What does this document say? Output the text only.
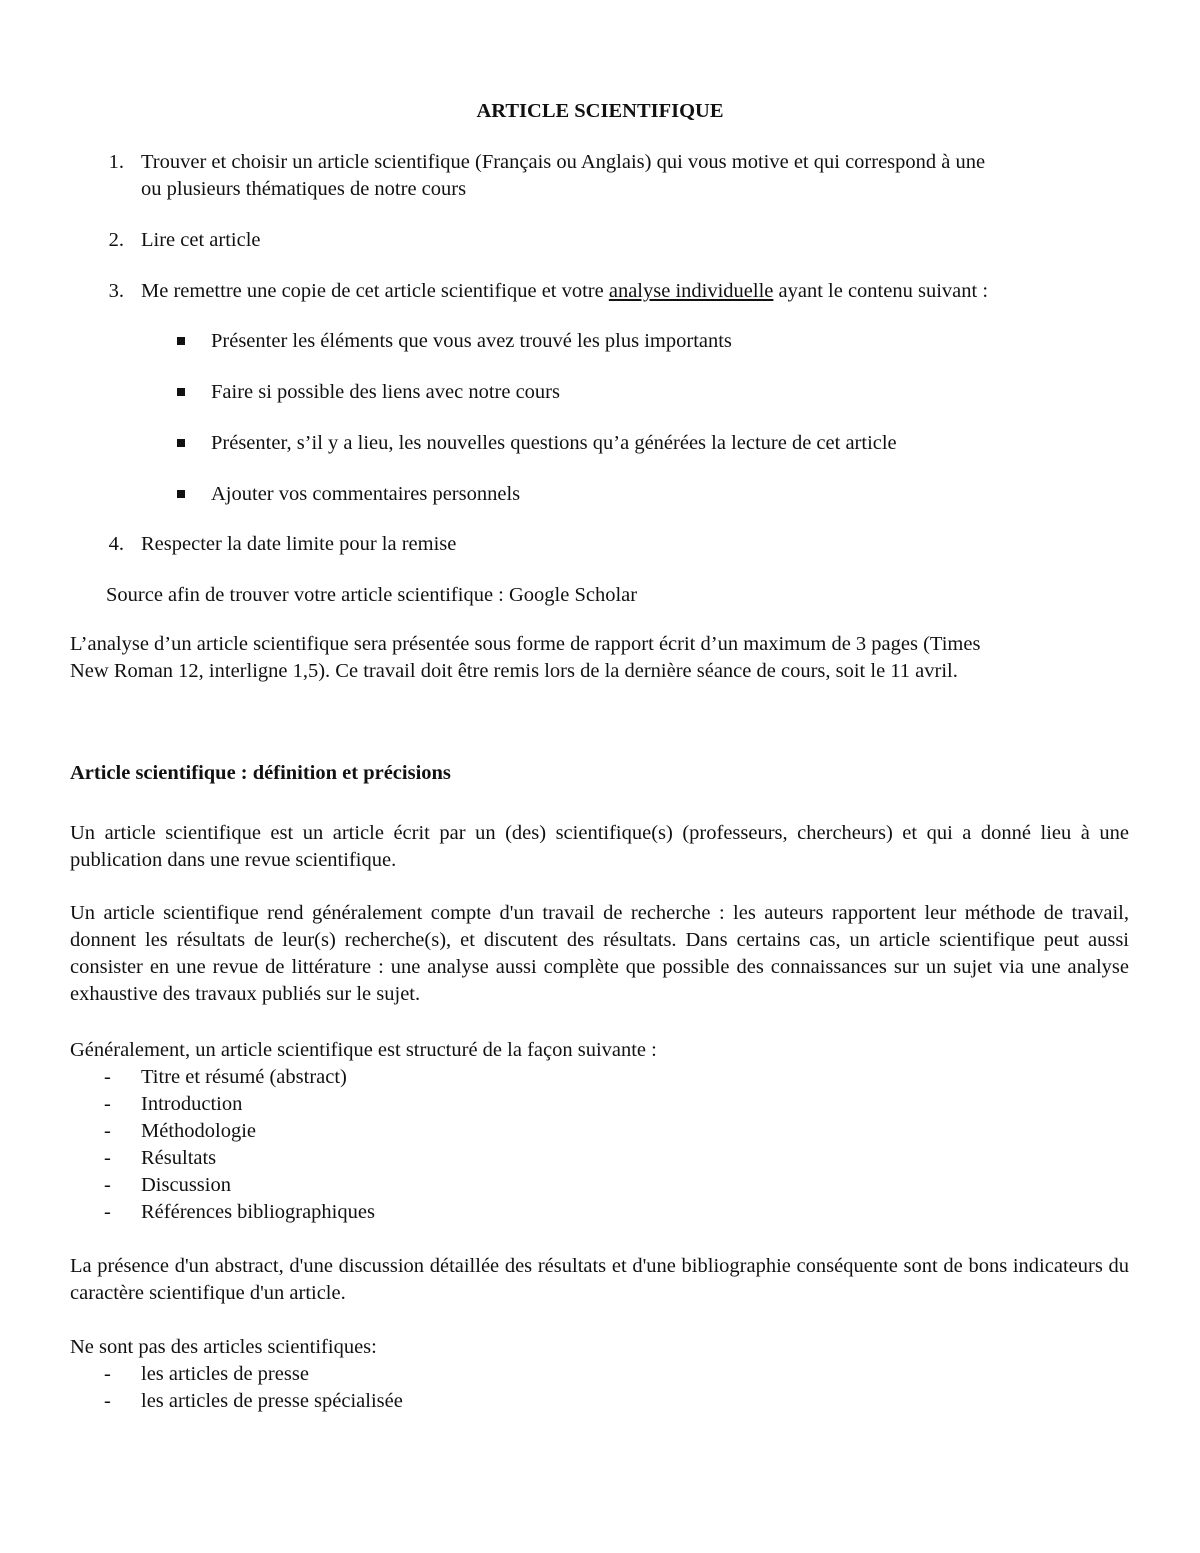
ARTICLE SCIENTIFIQUE
1. Trouver et choisir un article scientifique (Français ou Anglais) qui vous motive et qui correspond à une
ou plusieurs thématiques de notre cours
2. Lire cet article
3. Me remettre une copie de cet article scientifique et votre analyse individuelle ayant le contenu suivant :
Présenter les éléments que vous avez trouvé les plus importants
Faire si possible des liens avec notre cours
Présenter, s’il y a lieu, les nouvelles questions qu’a générées la lecture de cet article
Ajouter vos commentaires personnels
4. Respecter la date limite pour la remise
Source afin de trouver votre article scientifique : Google Scholar
L’analyse d’un article scientifique sera présentée sous forme de rapport écrit d’un maximum de 3 pages (Times
New Roman 12, interligne 1,5). Ce travail doit être remis lors de la dernière séance de cours, soit le 11 avril.
Article scientifique : définition et précisions
Un article scientifique est un article écrit par un (des) scientifique(s) (professeurs, chercheurs) et qui a donné lieu à une publication dans une revue scientifique.
Un article scientifique rend généralement compte d'un travail de recherche : les auteurs rapportent leur méthode de travail, donnent les résultats de leur(s) recherche(s), et discutent des résultats. Dans certains cas, un article scientifique peut aussi consister en une revue de littérature : une analyse aussi complète que possible des connaissances sur un sujet via une analyse exhaustive des travaux publiés sur le sujet.
Généralement, un article scientifique est structuré de la façon suivante :
- Titre et résumé (abstract)
- Introduction
- Méthodologie
- Résultats
- Discussion
- Références bibliographiques
La présence d'un abstract, d'une discussion détaillée des résultats et d'une bibliographie conséquente sont de bons indicateurs du caractère scientifique d'un article.
Ne sont pas des articles scientifiques:
- les articles de presse
- les articles de presse spécialisée
